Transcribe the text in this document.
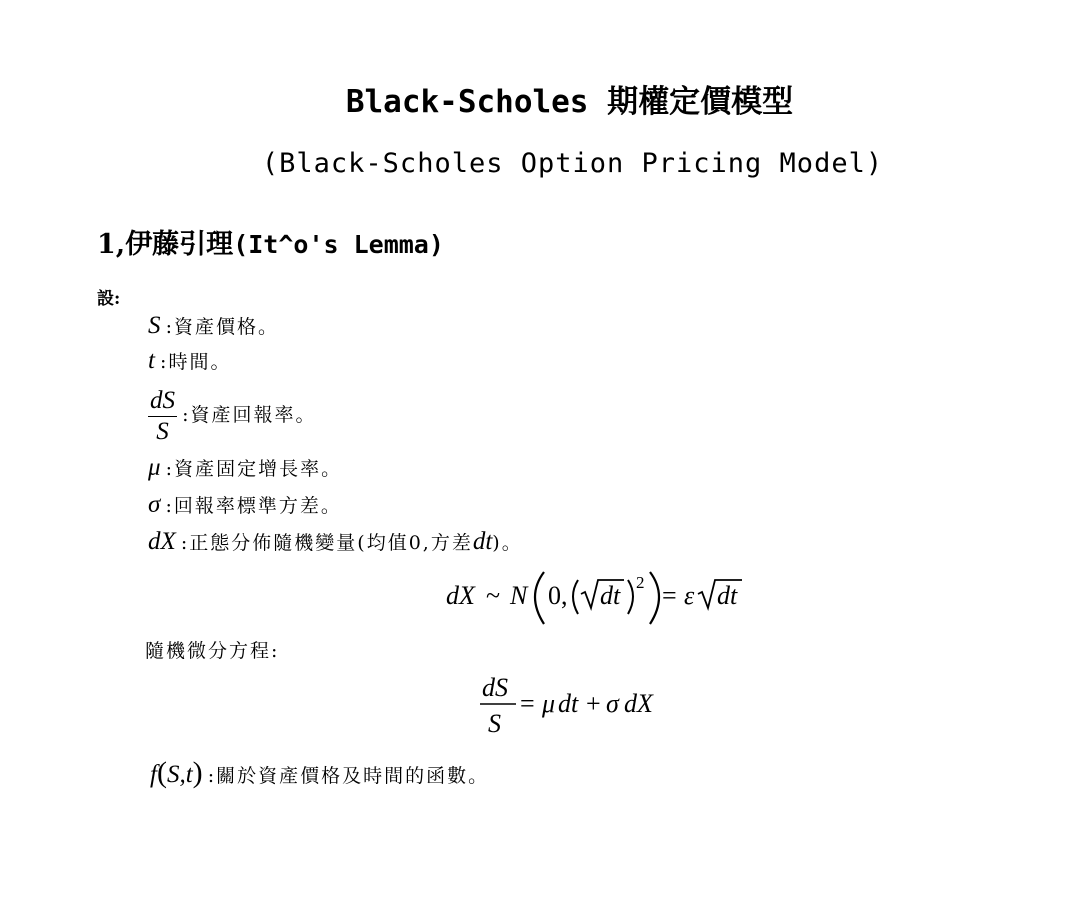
Black-Scholes 期權定價模型
(Black-Scholes Option Pricing Model)
1,伊藤引理(It^o's Lemma)
設:
S :資產價格。
t :時間。
$\frac{dS}{S}$ :資產回報率。
μ :資產固定增長率。
σ :回報率標準方差。
dX :正態分佈隨機變量(均值0,方差dt)。
dX ~ N 0, dt 2 = ε dt
隨機微分方程:
dS
S
= μ dt + σ dX
f(S,t) :關於資產價格及時間的函數。
